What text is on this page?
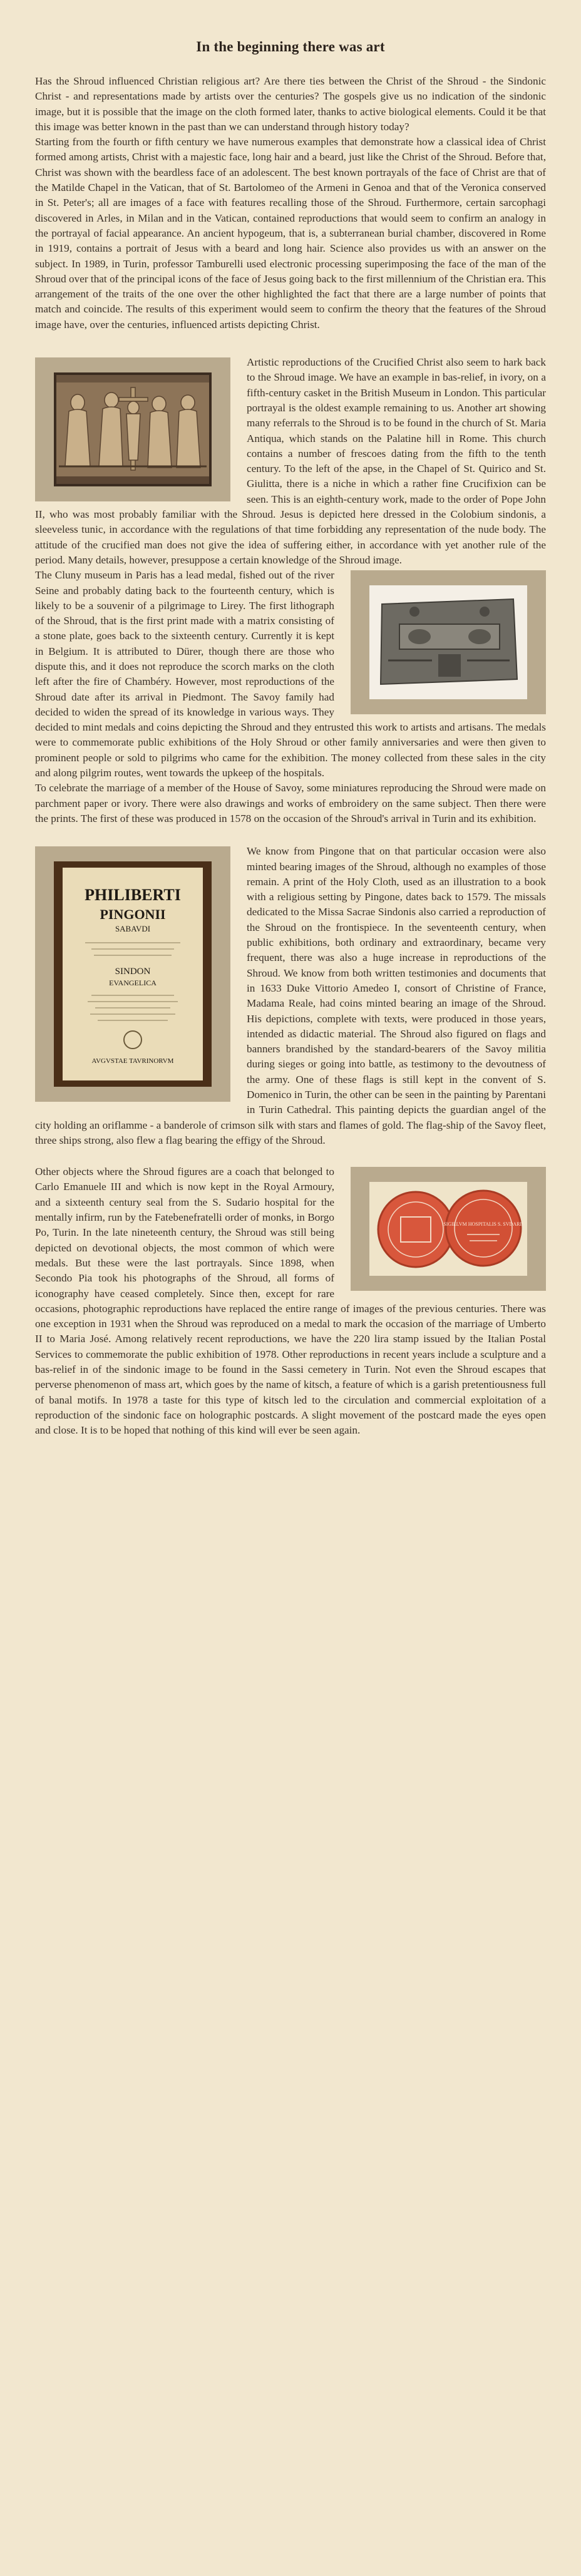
In the beginning there was art

Has the Shroud influenced Christian religious art? Are there ties between the Christ of the Shroud - the Sindonic Christ - and representations made by artists over the centuries? The gospels give us no indication of the sindonic image, but it is possible that the image on the cloth formed later, thanks to active biological elements. Could it be that this image was better known in the past than we can understand through history today?

Starting from the fourth or fifth century we have numerous examples that demonstrate how a classical idea of Christ formed among artists, Christ with a majestic face, long hair and a beard, just like the Christ of the Shroud. Before that, Christ was shown with the beardless face of an adolescent. The best known portrayals of the face of Christ are that of the Matilde Chapel in the Vatican, that of St. Bartolomeo of the Armeni in Genoa and that of the Veronica conserved in St. Peter's; all are images of a face with features recalling those of the Shroud. Furthermore, certain sarcophagi discovered in Arles, in Milan and in the Vatican, contained reproductions that would seem to confirm an analogy in the portrayal of facial appearance. An ancient hypogeum, that is, a subterranean burial chamber, discovered in Rome in 1919, contains a portrait of Jesus with a beard and long hair. Science also provides us with an answer on the subject. In 1989, in Turin, professor Tamburelli used electronic processing superimposing the face of the man of the Shroud over that of the principal icons of the face of Jesus going back to the first millennium of the Christian era. This arrangement of the traits of the one over the other highlighted the fact that there are a large number of points that match and coincide. The results of this experiment would seem to confirm the theory that the features of the Shroud image have, over the centuries, influenced artists depicting Christ.

Artistic reproductions of the Crucified Christ also seem to hark back to the Shroud image. We have an example in bas-relief, in ivory, on a fifth-century casket in the British Museum in London. This particular portrayal is the oldest example remaining to us. Another art showing many referrals to the Shroud is to be found in the church of St. Maria Antiqua, which stands on the Palatine hill in Rome. This church contains a number of frescoes dating from the fifth to the tenth century. To the left of the apse, in the Chapel of St. Quirico and St. Giulitta, there is a niche in which a rather fine Crucifixion can be seen. This is an eighth-century work, made to the order of Pope John II, who was most probably familiar with the Shroud. Jesus is depicted here dressed in the Colobium sindonis, a sleeveless tunic, in accordance with the regulations of that time forbidding any representation of the nude body. The attitude of the crucified man does not give the idea of suffering either, in accordance with yet another rule of the period. Many details, however, presuppose a certain knowledge of the Shroud image.

The Cluny museum in Paris has a lead medal, fished out of the river Seine and probably dating back to the fourteenth century, which is likely to be a souvenir of a pilgrimage to Lirey. The first lithograph of the Shroud, that is the first print made with a matrix consisting of a stone plate, goes back to the sixteenth century. Currently it is kept in Belgium. It is attributed to Dürer, though there are those who dispute this, and it does not reproduce the scorch marks on the cloth left after the fire of Chambéry. However, most reproductions of the Shroud date after its arrival in Piedmont. The Savoy family had decided to widen the spread of its knowledge in various ways. They decided to mint medals and coins depicting the Shroud and they entrusted this work to artists and artisans. The medals were to commemorate public exhibitions of the Holy Shroud or other family anniversaries and were then given to prominent people or sold to pilgrims who came for the exhibition. The money collected from these sales in the city and along pilgrim routes, went towards the upkeep of the hospitals.

To celebrate the marriage of a member of the House of Savoy, some miniatures reproducing the Shroud were made on parchment paper or ivory. There were also drawings and works of embroidery on the same subject. Then there were the prints. The first of these was produced in 1578 on the occasion of the Shroud's arrival in Turin and its exhibition.

PHILIBERTI
PINGONII
SABAVDI
SINDON
EVANGELICA
AVGVSTAE TAVRINORVM

We know from Pingone that on that particular occasion were also minted bearing images of the Shroud, although no examples of those remain. A print of the Holy Cloth, used as an illustration to a book with a religious setting by Pingone, dates back to 1579. The missals dedicated to the Missa Sacrae Sindonis also carried a reproduction of the Shroud on the frontispiece. In the seventeenth century, when public exhibitions, both ordinary and extraordinary, became very frequent, there was also a huge increase in reproductions of the Shroud. We know from both written testimonies and documents that in 1633 Duke Vittorio Amedeo I, consort of Christine of France, Madama Reale, had coins minted bearing an image of the Shroud. His depictions, complete with texts, were produced in those years, intended as didactic material. The Shroud also figured on flags and banners brandished by the standard-bearers of the Savoy militia during sieges or going into battle, as testimony to the devoutness of the army. One of these flags is still kept in the convent of S. Domenico in Turin, the other can be seen in the painting by Parentani in Turin Cathedral. This painting depicts the guardian angel of the city holding an oriflamme - a banderole of crimson silk with stars and flames of gold. The flag-ship of the Savoy fleet, three ships strong, also flew a flag bearing the effigy of the Shroud.

SIGILLVM HOSPITALIS S. SVDARII

Other objects where the Shroud figures are a coach that belonged to Carlo Emanuele III and which is now kept in the Royal Armoury, and a sixteenth century seal from the S. Sudario hospital for the mentally infirm, run by the Fatebenefratelli order of monks, in Borgo Po, Turin. In the late nineteenth century, the Shroud was still being depicted on devotional objects, the most common of which were medals. But these were the last portrayals. Since 1898, when Secondo Pia took his photographs of the Shroud, all forms of iconography have ceased completely. Since then, except for rare occasions, photographic reproductions have replaced the entire range of images of the previous centuries. There was one exception in 1931 when the Shroud was reproduced on a medal to mark the occasion of the marriage of Umberto II to Maria José. Among relatively recent reproductions, we have the 220 lira stamp issued by the Italian Postal Services to commemorate the public exhibition of 1978. Other reproductions in recent years include a sculpture and a bas-relief in of the sindonic image to be found in the Sassi cemetery in Turin. Not even the Shroud escapes that perverse phenomenon of mass art, which goes by the name of kitsch, a feature of which is a garish pretentiousness full of banal motifs. In 1978 a taste for this type of kitsch led to the circulation and commercial exploitation of a reproduction of the sindonic face on holographic postcards. A slight movement of the postcard made the eyes open and close. It is to be hoped that nothing of this kind will ever be seen again.
